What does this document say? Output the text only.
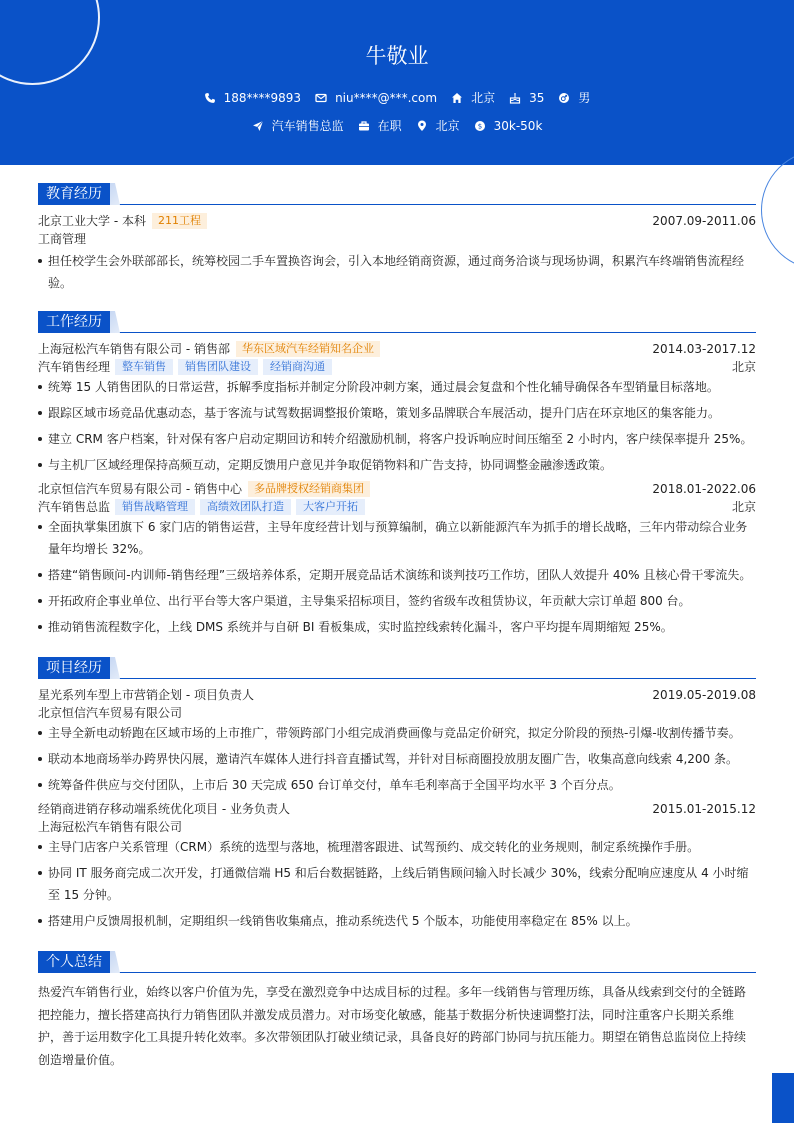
牛敬业
188****9893	niu****@***.com	北京	35	男
汽车销售总监	在职	北京	$ 30k-50k
教育经历
北京工业大学 - 本科	211工程	2007.09-2011.06
工商管理
担任校学生会外联部部长，统筹校园二手车置换咨询会，引入本地经销商资源，通过商务洽谈与现场协调，积累汽车终端销售流程经验。
工作经历
上海冠松汽车销售有限公司 - 销售部	华东区域汽车经销知名企业	2014.03-2017.12
汽车销售经理	整车销售	销售团队建设	经销商沟通	北京
统筹 15 人销售团队的日常运营，拆解季度指标并制定分阶段冲刺方案，通过晨会复盘和个性化辅导确保各车型销量目标落地。
跟踪区域市场竞品优惠动态，基于客流与试驾数据调整报价策略，策划多品牌联合车展活动，提升门店在环京地区的集客能力。
建立 CRM 客户档案，针对保有客户启动定期回访和转介绍激励机制，将客户投诉响应时间压缩至 2 小时内，客户续保率提升 25%。
与主机厂区域经理保持高频互动，定期反馈用户意见并争取促销物料和广告支持，协同调整金融渗透政策。
北京恒信汽车贸易有限公司 - 销售中心	多品牌授权经销商集团	2018.01-2022.06
汽车销售总监	销售战略管理	高绩效团队打造	大客户开拓	北京
全面执掌集团旗下 6 家门店的销售运营，主导年度经营计划与预算编制，确立以新能源汽车为抓手的增长战略，三年内带动综合业务量年均增长 32%。
搭建“销售顾问-内训师-销售经理”三级培养体系，定期开展竞品话术演练和谈判技巧工作坊，团队人效提升 40% 且核心骨干零流失。
开拓政府企事业单位、出行平台等大客户渠道，主导集采招标项目，签约省级车改租赁协议，年贡献大宗订单超 800 台。
推动销售流程数字化，上线 DMS 系统并与自研 BI 看板集成，实时监控线索转化漏斗，客户平均提车周期缩短 25%。
项目经历
星光系列车型上市营销企划 - 项目负责人	2019.05-2019.08
北京恒信汽车贸易有限公司
主导全新电动轿跑在区域市场的上市推广，带领跨部门小组完成消费画像与竞品定价研究，拟定分阶段的预热-引爆-收割传播节奏。
联动本地商场举办跨界快闪展，邀请汽车媒体人进行抖音直播试驾，并针对目标商圈投放朋友圈广告，收集高意向线索 4,200 条。
统筹备件供应与交付团队，上市后 30 天完成 650 台订单交付，单车毛利率高于全国平均水平 3 个百分点。
经销商进销存移动端系统优化项目 - 业务负责人	2015.01-2015.12
上海冠松汽车销售有限公司
主导门店客户关系管理（CRM）系统的选型与落地，梳理潜客跟进、试驾预约、成交转化的业务规则，制定系统操作手册。
协同 IT 服务商完成二次开发，打通微信端 H5 和后台数据链路，上线后销售顾问输入时长减少 30%，线索分配响应速度从 4 小时缩至 15 分钟。
搭建用户反馈周报机制，定期组织一线销售收集痛点，推动系统迭代 5 个版本，功能使用率稳定在 85% 以上。
个人总结

热爱汽车销售行业，始终以客户价值为先，享受在激烈竞争中达成目标的过程。多年一线销售与管理历练，具备从线索到交付的全链路把控能力，擅长搭建高执行力销售团队并激发成员潜力。对市场变化敏感，能基于数据分析快速调整打法，同时注重客户长期关系维护，善于运用数字化工具提升转化效率。多次带领团队打破业绩记录，具备良好的跨部门协同与抗压能力。期望在销售总监岗位上持续创造增量价值。
